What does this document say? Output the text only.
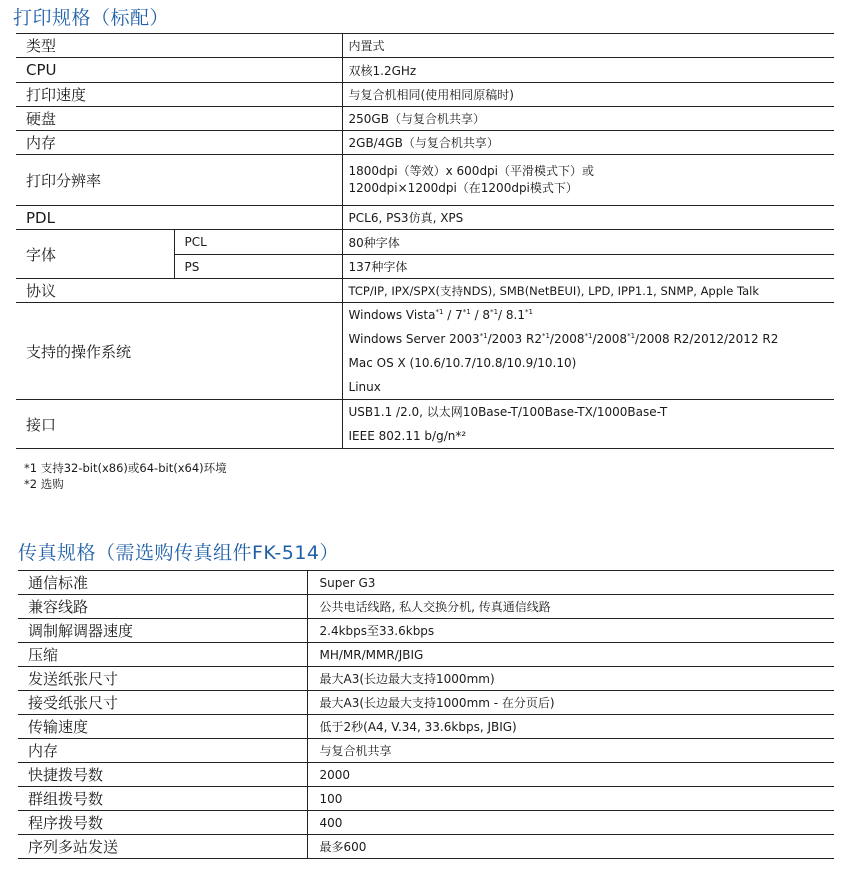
打印规格（标配）
类型		内置式
CPU		双核1.2GHz
打印速度		与复合机相同(使用相同原稿时)
硬盘		250GB（与复合机共享）
内存		2GB/4GB（与复合机共享）
打印分辨率		1800dpi（等效）x 600dpi（平滑模式下）或
1200dpi×1200dpi（在1200dpi模式下）

PDL		PCL6, PS3仿真, XPS
字体	PCL	80种字体
	PS	137种字体
协议		TCP/IP, IPX/SPX(支持NDS), SMB(NetBEUI), LPD, IPP1.1, SNMP, Apple Talk
支持的操作系统		Windows Vista$^{*1}$ / 7$^{*1}$ / 8$^{*1}$/ 8.1$^{*1}$
Windows Server 2003$^{*1}$/2003 R2$^{*1}$/2008$^{*1}$/2008$^{*1}$/2008 R2/2012/2012 R2
Mac OS X (10.6/10.7/10.8/10.9/10.10)
Linux

接口		USB1.1 /2.0, 以太网10Base-T/100Base-TX/1000Base-T
IEEE 802.11 b/g/n*²
*1 支持32-bit(x86)或64-bit(x64)环境
*2 选购
传真规格（需选购传真组件FK-514）
通信标准	Super G3
兼容线路	公共电话线路, 私人交换分机, 传真通信线路
调制解调器速度	2.4kbps至33.6kbps
压缩	MH/MR/MMR/JBIG
发送纸张尺寸	最大A3(长边最大支持1000mm)
接受纸张尺寸	最大A3(长边最大支持1000mm - 在分页后)
传输速度	低于2秒(A4, V.34, 33.6kbps, JBIG)
内存	与复合机共享
快捷拨号数	2000
群组拨号数	100
程序拨号数	400
序列多站发送	最多600
